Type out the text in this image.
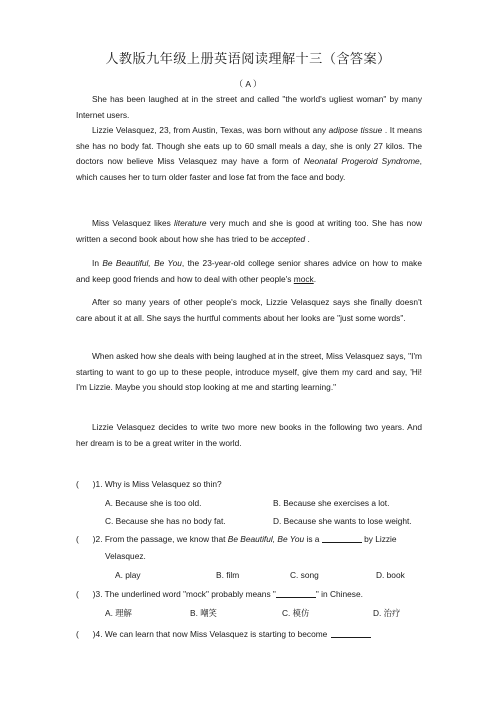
人教版九年级上册英语阅读理解十三（含答案）
（ A ）

She has been laughed at in the street and called "the world's ugliest woman" by many Internet users.

Lizzie Velasquez, 23, from Austin, Texas, was born without any adipose tissue . It means she has no body fat. Though she eats up to 60 small meals a day, she is only 27 kilos. The doctors now believe Miss Velasquez may have a form of Neonatal Progeroid Syndrome, which causes her to turn older faster and lose fat from the face and body.

Miss Velasquez likes literature very much and she is good at writing too. She has now written a second book about how she has tried to be accepted .

In Be Beautiful, Be You, the 23-year-old college senior shares advice on how to make and keep good friends and how to deal with other people's mock.

After so many years of other people's mock, Lizzie Velasquez says she finally doesn't care about it at all. She says the hurtful comments about her looks are "just some words".

When asked how she deals with being laughed at in the street, Miss Velasquez says, "I'm starting to want to go up to these people, introduce myself, give them my card and say, 'Hi! I'm Lizzie. Maybe you should stop looking at me and starting learning."

Lizzie Velasquez decides to write two more new books in the following two years. And her dream is to be a great writer in the world.

( )1. Why is Miss Velasquez so thin?
A. Because she is too old.	B. Because she exercises a lot.
C. Because she has no body fat.	D. Because she wants to lose weight.
( )2. From the passage, we know that Be Beautiful, Be You is a	by Lizzie
Velasquez.
A. play	B. film	C. song	D. book
( )3. The underlined word "mock" probably means "	" in Chinese.
A. 理解	B. 嘲笑	C. 模仿	D. 治疗
( )4. We can learn that now Miss Velasquez is starting to become
